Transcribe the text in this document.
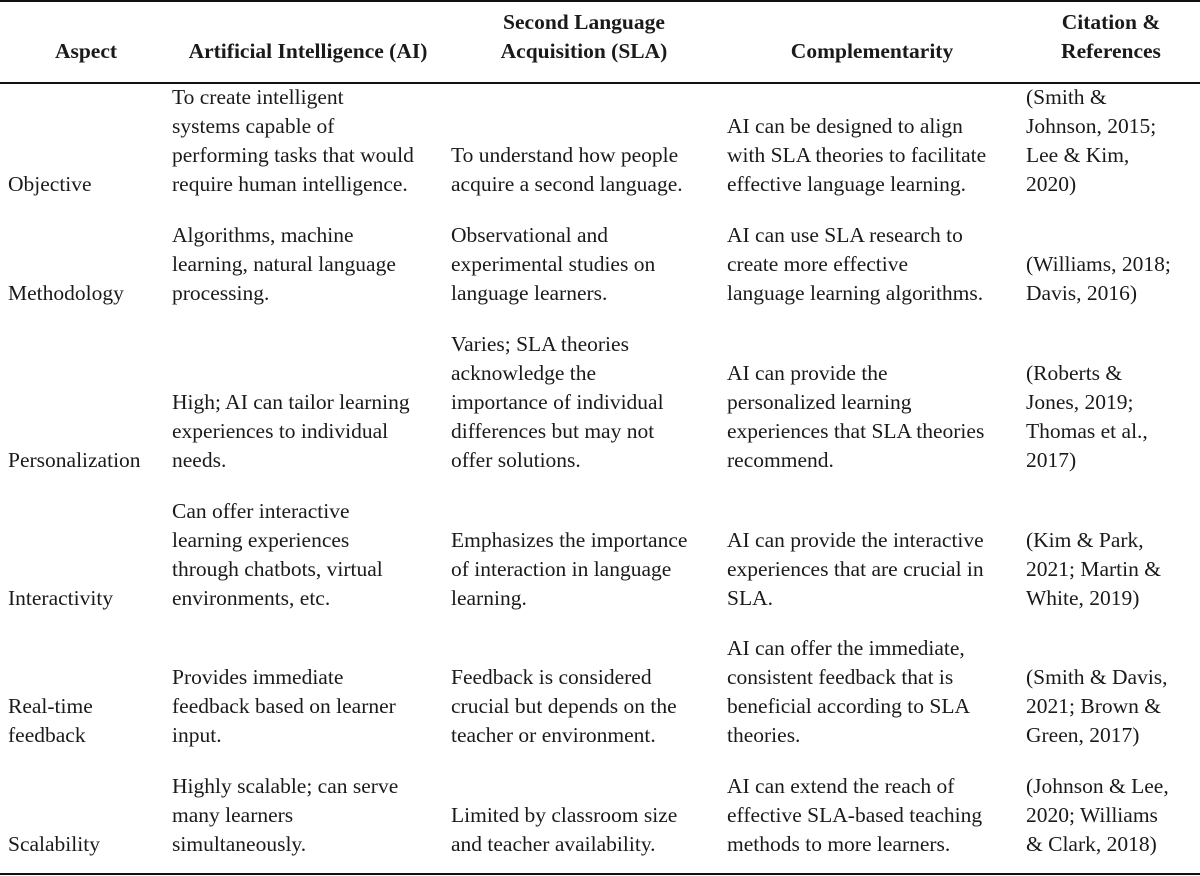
Aspect	Artificial Intelligence (AI)
Second Language
Acquisition (SLA)	Complementarity
Citation &
References
Objective
To create intelligent
systems capable of
performing tasks that would
require human intelligence.
To understand how people
acquire a second language.
AI can be designed to align
with SLA theories to facilitate
effective language learning.
(Smith &
Johnson, 2015;
Lee & Kim,
2020)
Methodology
Algorithms, machine
learning, natural language
processing.
Observational and
experimental studies on
language learners.
AI can use SLA research to
create more effective
language learning algorithms.
(Williams, 2018;
Davis, 2016)
Personalization
High; AI can tailor learning
experiences to individual
needs.
Varies; SLA theories
acknowledge the
importance of individual
differences but may not
offer solutions.
AI can provide the
personalized learning
experiences that SLA theories
recommend.
(Roberts &
Jones, 2019;
Thomas et al.,
2017)
Interactivity
Can offer interactive
learning experiences
through chatbots, virtual
environments, etc.
Emphasizes the importance
of interaction in language
learning.
AI can provide the interactive
experiences that are crucial in
SLA.
(Kim & Park,
2021; Martin &
White, 2019)
Real-time
feedback
Provides immediate
feedback based on learner
input.
Feedback is considered
crucial but depends on the
teacher or environment.
AI can offer the immediate,
consistent feedback that is
beneficial according to SLA
theories.
(Smith & Davis,
2021; Brown &
Green, 2017)
Scalability
Highly scalable; can serve
many learners
simultaneously.
Limited by classroom size
and teacher availability.
AI can extend the reach of
effective SLA-based teaching
methods to more learners.
(Johnson & Lee,
2020; Williams
& Clark, 2018)
